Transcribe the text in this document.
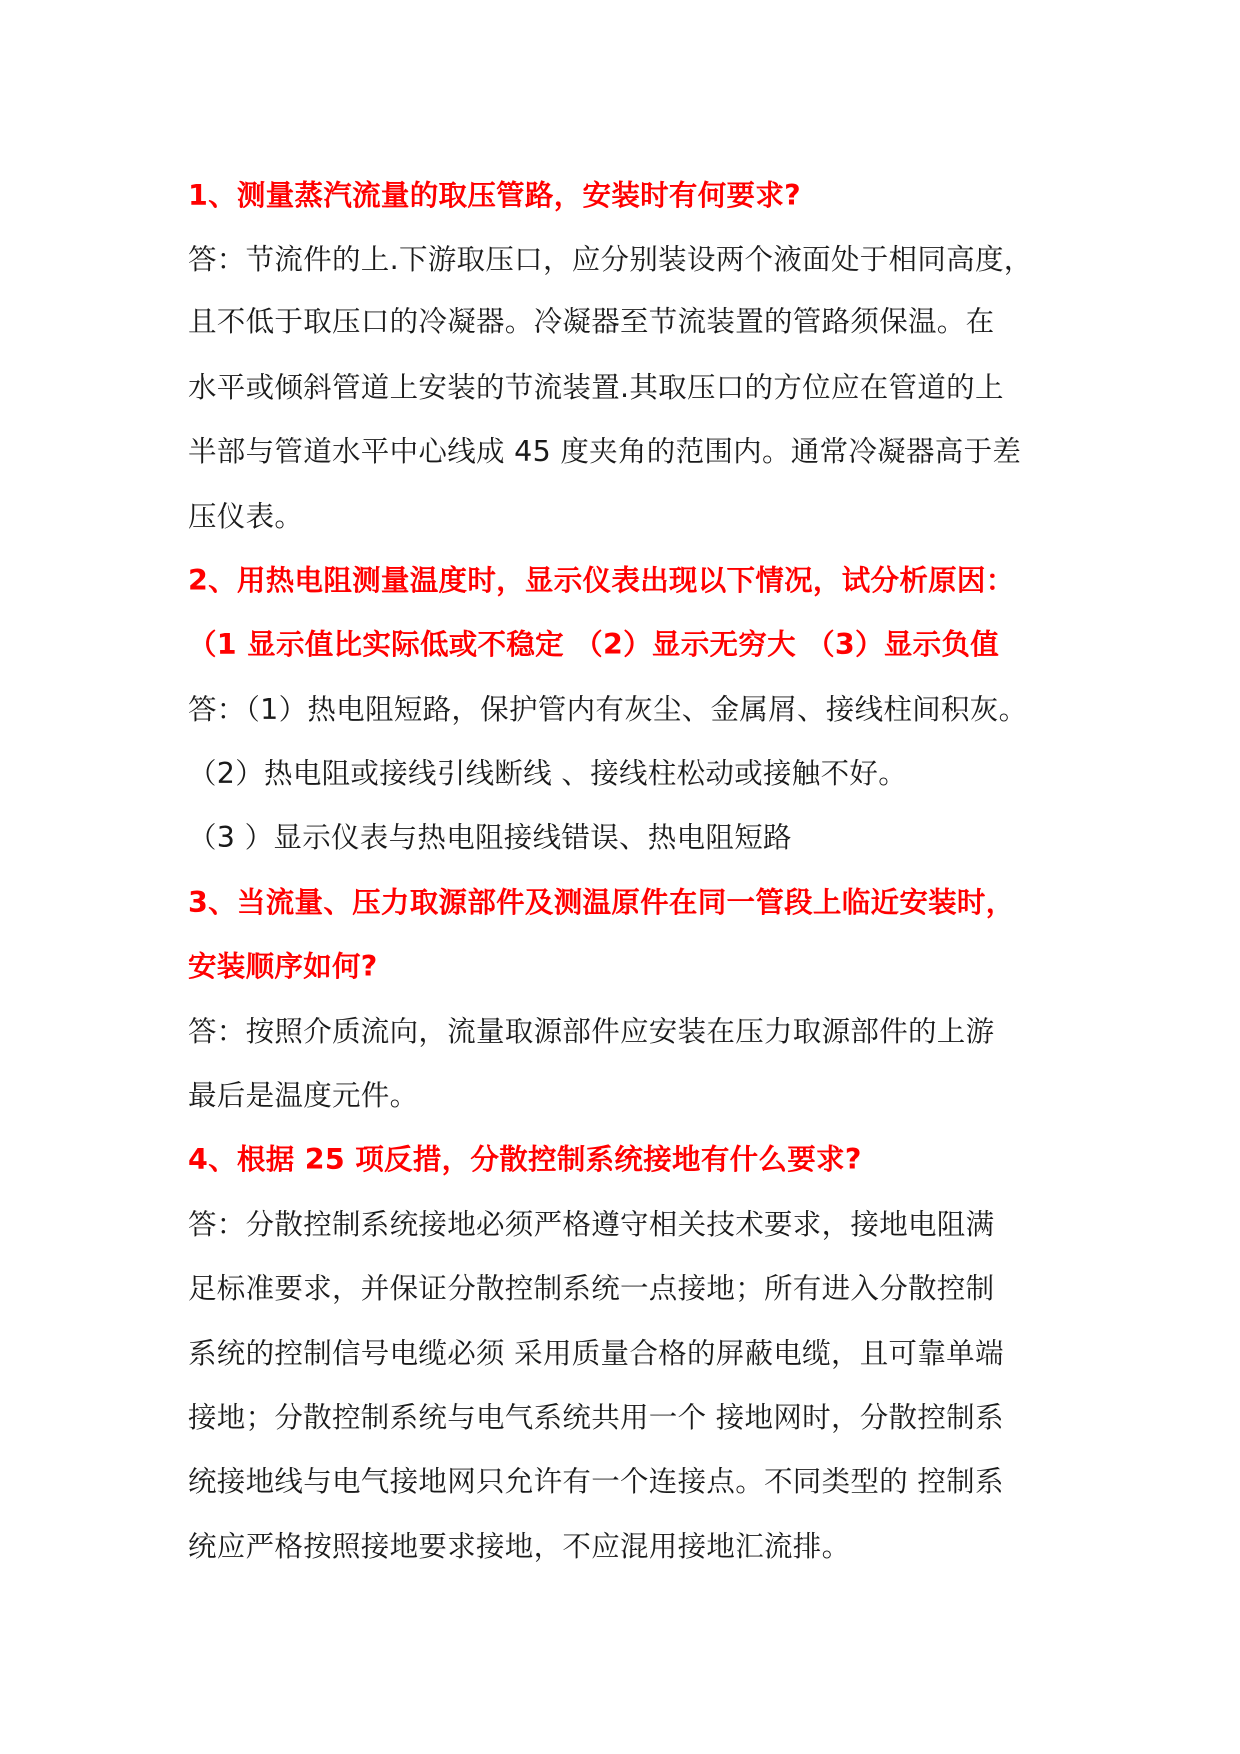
1、测量蒸汽流量的取压管路，安装时有何要求?

答：节流件的上.下游取压口，应分别装设两个液面处于相同高度，

且不低于取压口的冷凝器。冷凝器至节流装置的管路须保温。在

水平或倾斜管道上安装的节流装置.其取压口的方位应在管道的上

半部与管道水平中心线成 45 度夹角的范围内。通常冷凝器高于差

压仪表。

2、用热电阻测量温度时，显示仪表出现以下情况，试分析原因：

（1 显示值比实际低或不稳定 （2）显示无穷大 （3）显示负值

答：（1）热电阻短路，保护管内有灰尘、金属屑、接线柱间积灰。

（2）热电阻或接线引线断线 、接线柱松动或接触不好。

（3 ）显示仪表与热电阻接线错误、热电阻短路

3、当流量、压力取源部件及测温原件在同一管段上临近安装时，

安装顺序如何?

答：按照介质流向，流量取源部件应安装在压力取源部件的上游

最后是温度元件。

4、根据 25 项反措，分散控制系统接地有什么要求?

答：分散控制系统接地必须严格遵守相关技术要求，接地电阻满

足标准要求，并保证分散控制系统一点接地；所有进入分散控制

系统的控制信号电缆必须 采用质量合格的屏蔽电缆，且可靠单端

接地；分散控制系统与电气系统共用一个 接地网时，分散控制系

统接地线与电气接地网只允许有一个连接点。不同类型的 控制系

统应严格按照接地要求接地，不应混用接地汇流排。
